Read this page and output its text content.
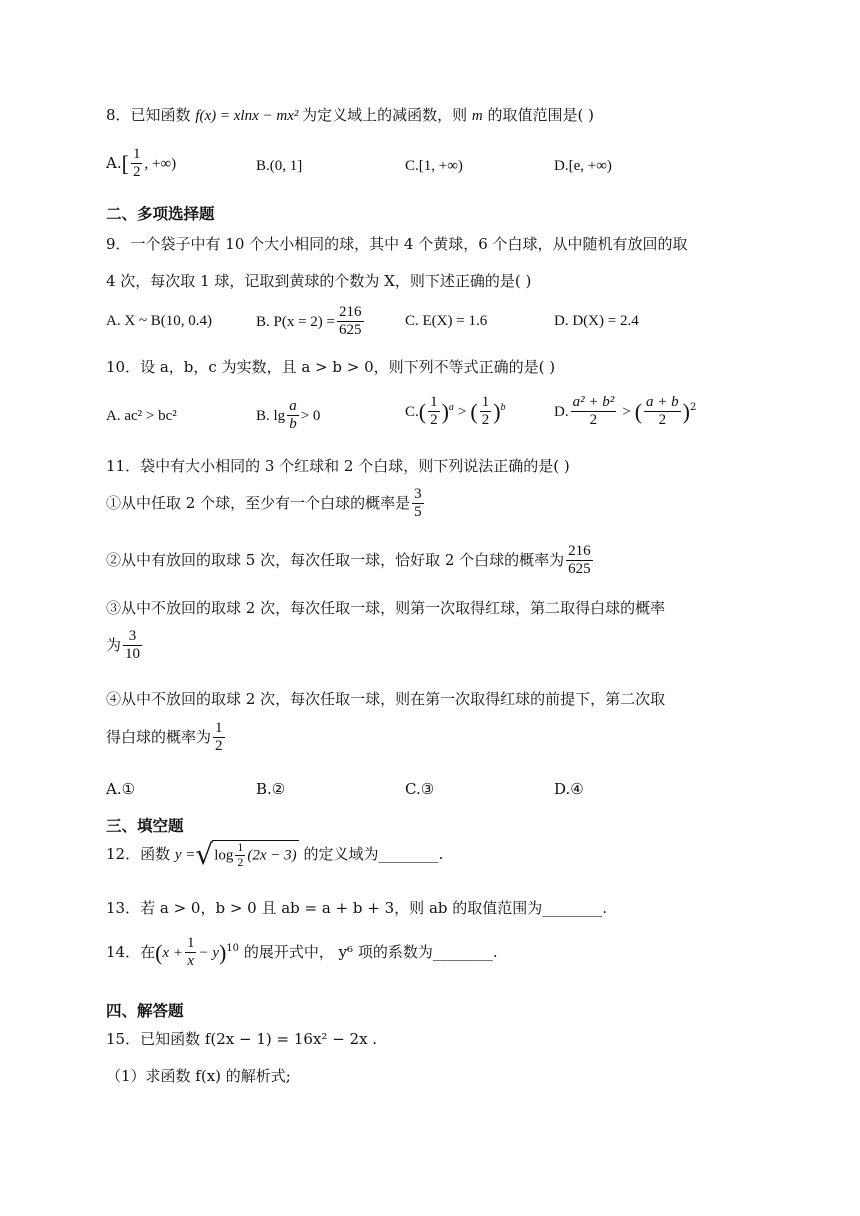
8．已知函数 f(x) = xlnx − mx² 为定义域上的减函数，则 m 的取值范围是( )
$A.[ \frac{1}{2}$ , +∞)	B.(0, 1]	C.[1, +∞)	D.[e, +∞)
二、多项选择题
9．一个袋子中有 10 个大小相同的球，其中 4 个黄球，6 个白球，从中随机有放回的取
4 次，每次取 1 球，记取到黄球的个数为 X，则下述正确的是( )
A. X ~ B(10, 0.4)	B. $P(x = 2) = \frac{216}{625}$	C. E(X) = 1.6	D. D(X) = 2.4
10．设 a，b，c 为实数，且 a > b > 0，则下列不等式正确的是( )
A. ac² > bc²	B. $\lg \frac{a}{b} > 0$	$C.( \frac{1}{2} )^a$ > ( $\frac{1}{2} )^b$	D. $\frac{\text{a² + b²}}{2}$ > ( $\frac{a + b}{2} )^2$
11．袋中有大小相同的 3 个红球和 2 个白球，则下列说法正确的是( )
①从中任取 2 个球，至少有一个白球的概率是 $\frac{3}{5}$
②从中有放回的取球 5 次，每次任取一球，恰好取 2 个白球的概率为 $\frac{216}{625}$
③从中不放回的取球 2 次，每次任取一球，则第一次取得红球，第二取得白球的概率
为 $\frac{3}{10}$
④从中不放回的取球 2 次，每次任取一球，则在第一次取得红球的前提下，第二次取
得白球的概率为 $\frac{1}{2}$
A.①	B.②	C.③	D.④
三、填空题
12．函数 $y =√\log \frac{1}{2} (2x - 3)$ 的定义域为________.
13．若 a > 0，b > 0 且 ab = a + b + 3，则 ab 的取值范围为________.
14．在$(x + \frac{1}{x} - y)^{10}$ 的展开式中， y⁶ 项的系数为________.
四、解答题
15．已知函数 f(2x − 1) = 16x² − 2x .
（1）求函数 f(x) 的解析式;
